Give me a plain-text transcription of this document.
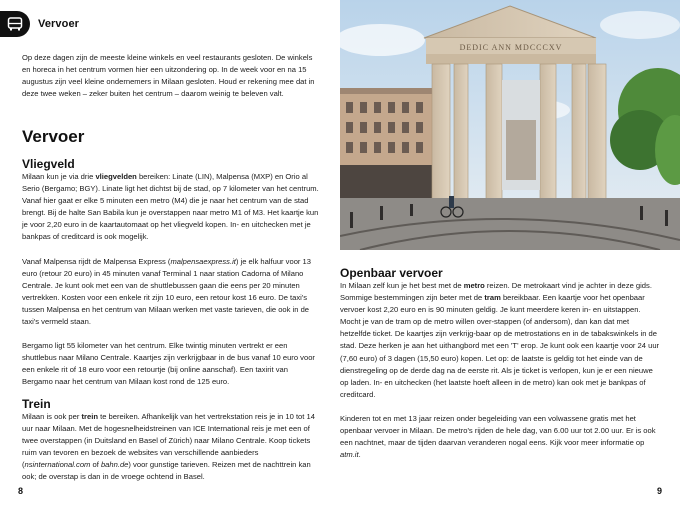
Vervoer

Op deze dagen zijn de meeste kleine winkels en veel restaurants gesloten. De winkels en horeca in het centrum vormen hier een uitzondering op. In de week voor en na 15 augustus zijn veel kleine ondernemers in Milaan gesloten. Houd er rekening mee dat in deze twee weken – zeker buiten het centrum – daarom weinig te beleven valt.

Vervoer
Vliegveld

Milaan kun je via drie vliegvelden bereiken: Linate (LIN), Malpensa (MXP) en Orio al Serio (Bergamo; BGY). Linate ligt het dichtst bij de stad, op 7 kilometer van het centrum. Vanaf hier gaat er elke 5 minuten een metro (M4) die je naar het centrum van de stad brengt. Bij de halte San Babila kun je overstappen naar metro M1 of M3. Het kaartje kun je voor 2,20 euro in de kaartautomaat op het vliegveld kopen. In- en uitchecken met je bankpas of creditcard is ook mogelijk.

Vanaf Malpensa rijdt de Malpensa Express (malpensaexpress.it) je elk halfuur voor 13 euro (retour 20 euro) in 45 minuten vanaf Terminal 1 naar station Cadorna of Milano Centrale. Je kunt ook met een van de shuttlebussen gaan die eens per 20 minuten vertrekken. Kosten voor een enkele rit zijn 10 euro, een retour kost 16 euro. De taxi's tussen Malpensa en het centrum van Milaan werken met vaste tarieven, die ook in de taxi's vermeld staan.

Bergamo ligt 55 kilometer van het centrum. Elke twintig minuten vertrekt er een shuttlebus naar Milano Centrale. Kaartjes zijn verkrijgbaar in de bus vanaf 10 euro voor een enkele rit of 18 euro voor een retourtje (bij online aanschaf). Een taxirit van Bergamo naar het centrum van Milaan kost rond de 125 euro.

Trein

Milaan is ook per trein te bereiken. Afhankelijk van het vertrekstation reis je in 10 tot 14 uur naar Milaan. Met de hogesnelheidstreinen van ICE International reis je met een of twee overstappen (in Duitsland en Basel of Zürich) naar Milano Centrale. Koop tickets ruim van tevoren en bezoek de websites van verschillende aanbieders (nsinternational.com of bahn.de) voor gunstige tarieven. Reizen met de nachttrein kan ook; de overstap is dan in de vroege ochtend in Basel.

8
DEDIC ANN MDCCCXV
Openbaar vervoer

In Milaan zelf kun je het best met de metro reizen. De metrokaart vind je achter in deze gids. Sommige bestemmingen zijn beter met de tram bereikbaar. Een kaartje voor het openbaar vervoer kost 2,20 euro en is 90 minuten geldig. Je kunt meerdere keren in- en uitstappen. Mocht je van de tram op de metro willen over-stappen (of andersom), dan kan dat met hetzelfde ticket. De kaartjes zijn verkrijg-baar op de metrostations en in de tabakswinkels in de stad. Deze herken je aan het uithangbord met een 'T' erop. Je kunt ook een kaartje voor 24 uur (7,60 euro) of 3 dagen (15,50 euro) kopen. Let op: de laatste is geldig tot het einde van de dienstregeling op de derde dag na de eerste rit. Als je ticket is verlopen, kun je er een nieuwe op laden. In- en uitchecken (het laatste hoeft alleen in de metro) kan ook met je bankpas of creditcard.

Kinderen tot en met 13 jaar reizen onder begeleiding van een volwassene gratis met het openbaar vervoer in Milaan. De metro's rijden de hele dag, van 6.00 uur tot 2.00 uur. Er is ook een nachtnet, maar de tijden daarvan veranderen nogal eens. Kijk voor meer informatie op atm.it.

9
